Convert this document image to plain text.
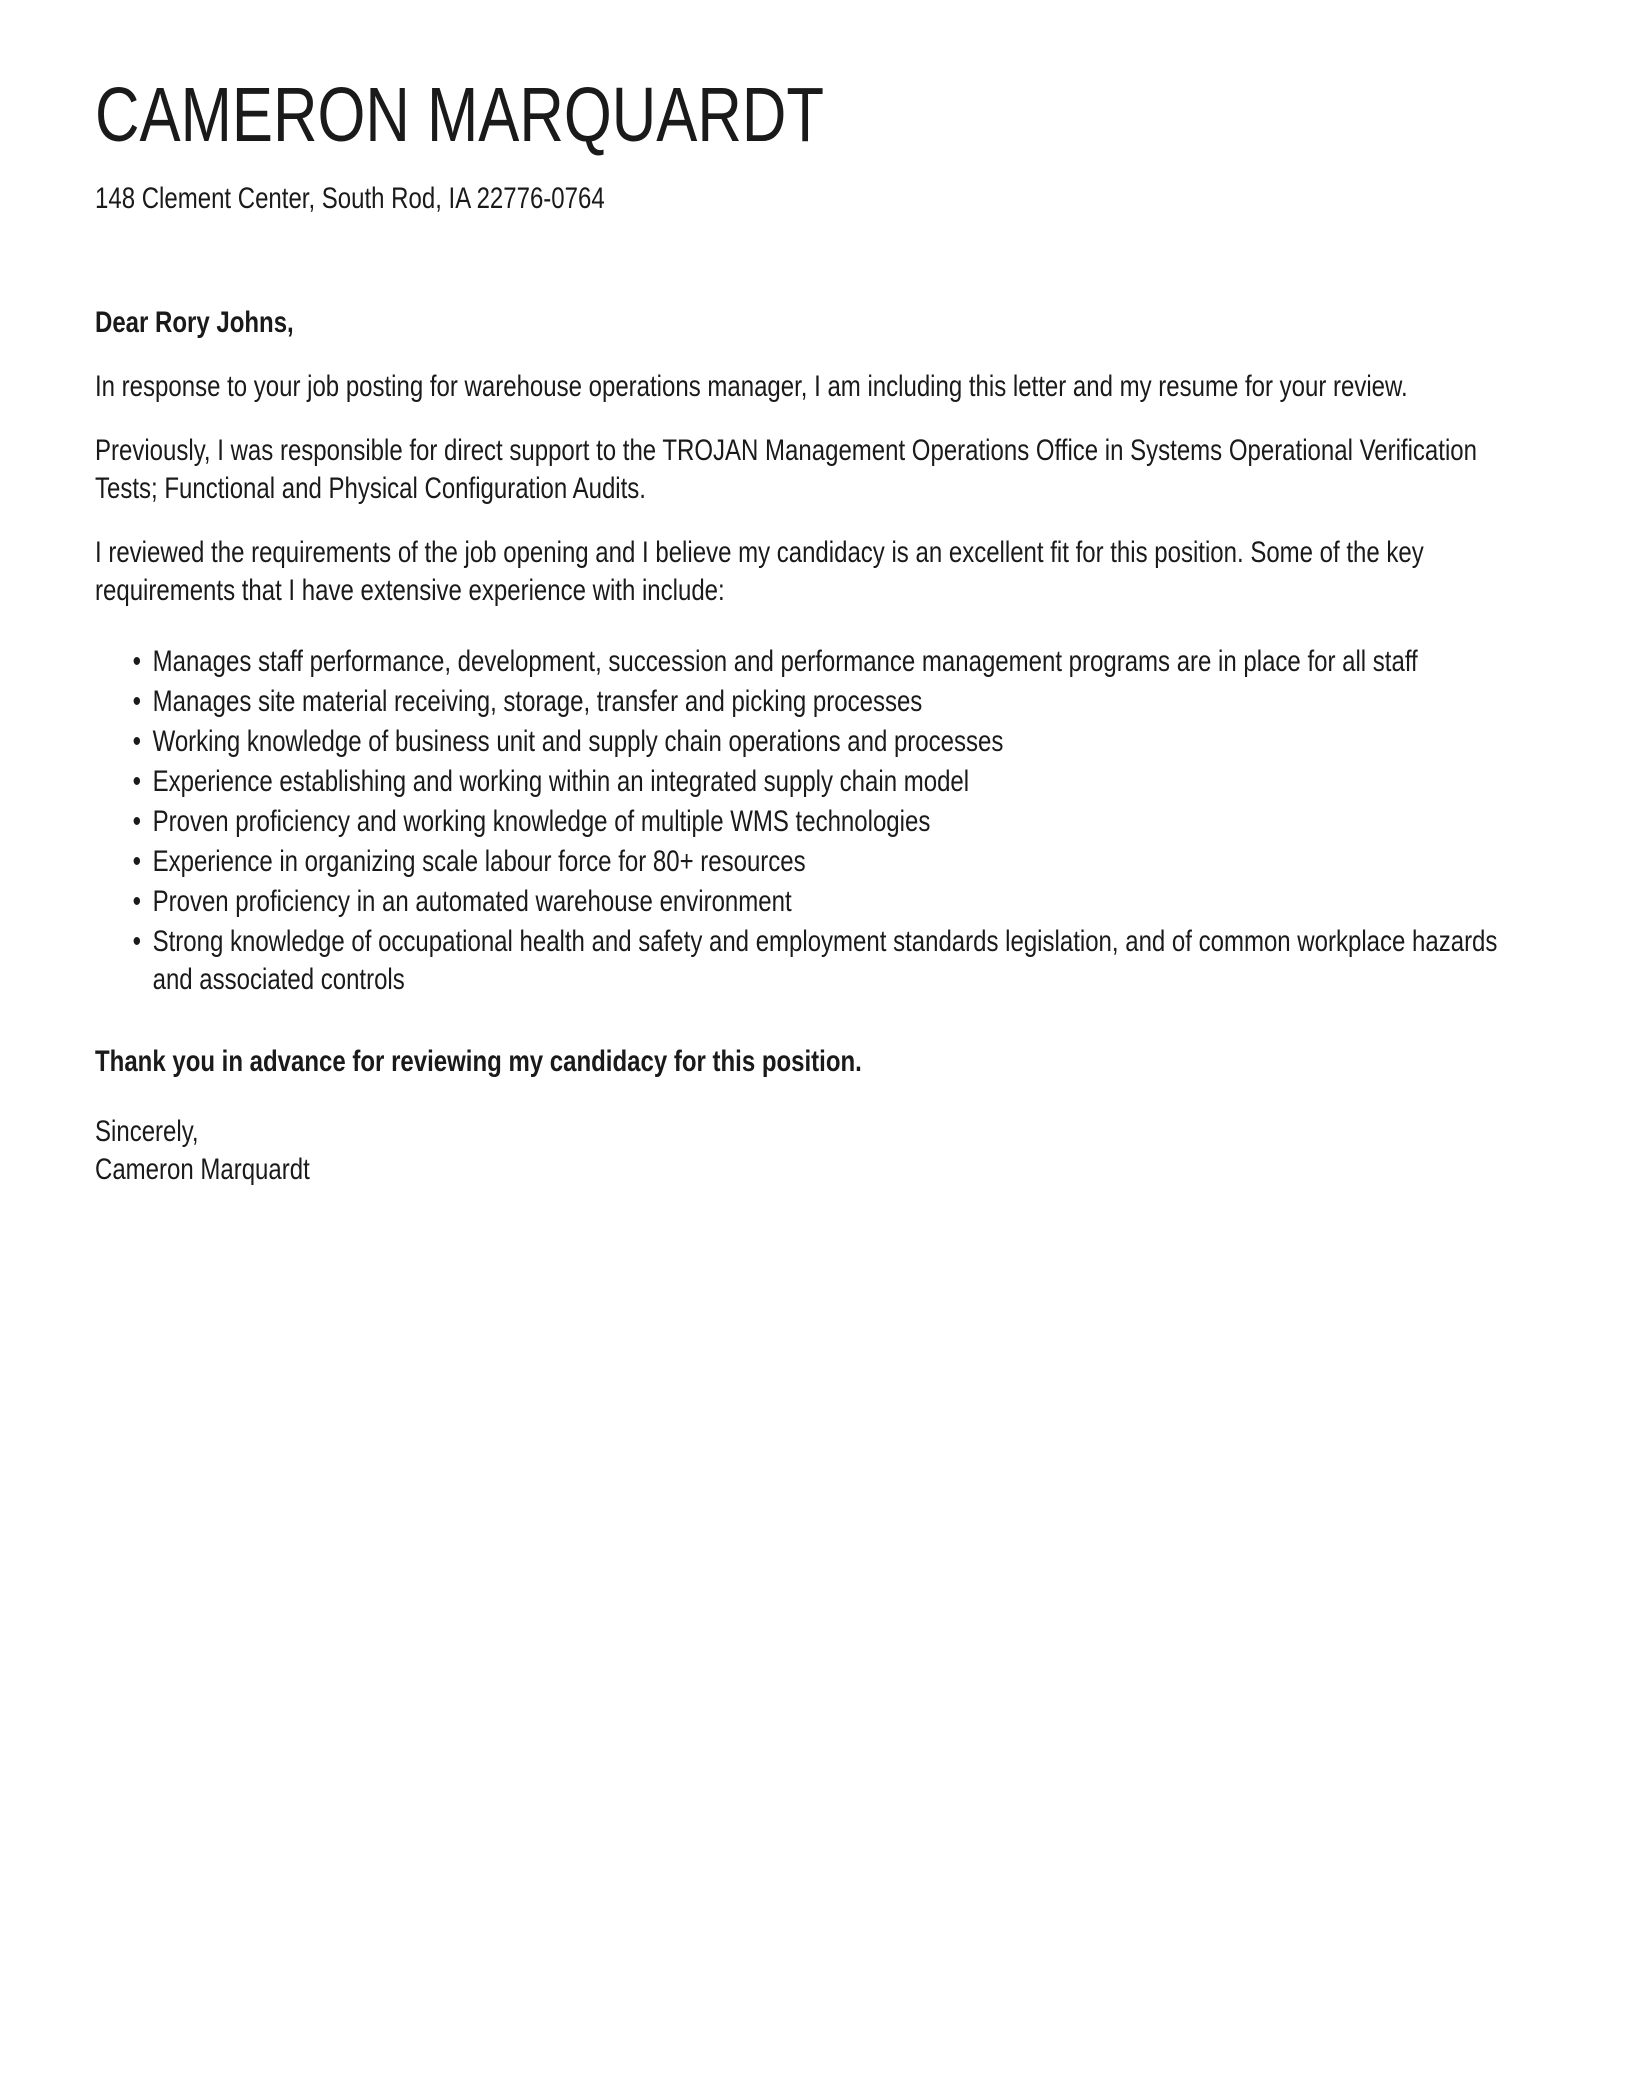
CAMERON MARQUARDT
148 Clement Center, South Rod, IA 22776-0764

Dear Rory Johns,

In response to your job posting for warehouse operations manager, I am including this letter and my resume for your review.

Previously, I was responsible for direct support to the TROJAN Management Operations Office in Systems Operational Verification Tests; Functional and Physical Configuration Audits.

I reviewed the requirements of the job opening and I believe my candidacy is an excellent fit for this position. Some of the key requirements that I have extensive experience with include:

• Manages staff performance, development, succession and performance management programs are in place for all staff
• Manages site material receiving, storage, transfer and picking processes
• Working knowledge of business unit and supply chain operations and processes
• Experience establishing and working within an integrated supply chain model
• Proven proficiency and working knowledge of multiple WMS technologies
• Experience in organizing scale labour force for 80+ resources
• Proven proficiency in an automated warehouse environment
• Strong knowledge of occupational health and safety and employment standards legislation, and of common workplace hazards and associated controls

Thank you in advance for reviewing my candidacy for this position.

Sincerely,
Cameron Marquardt
